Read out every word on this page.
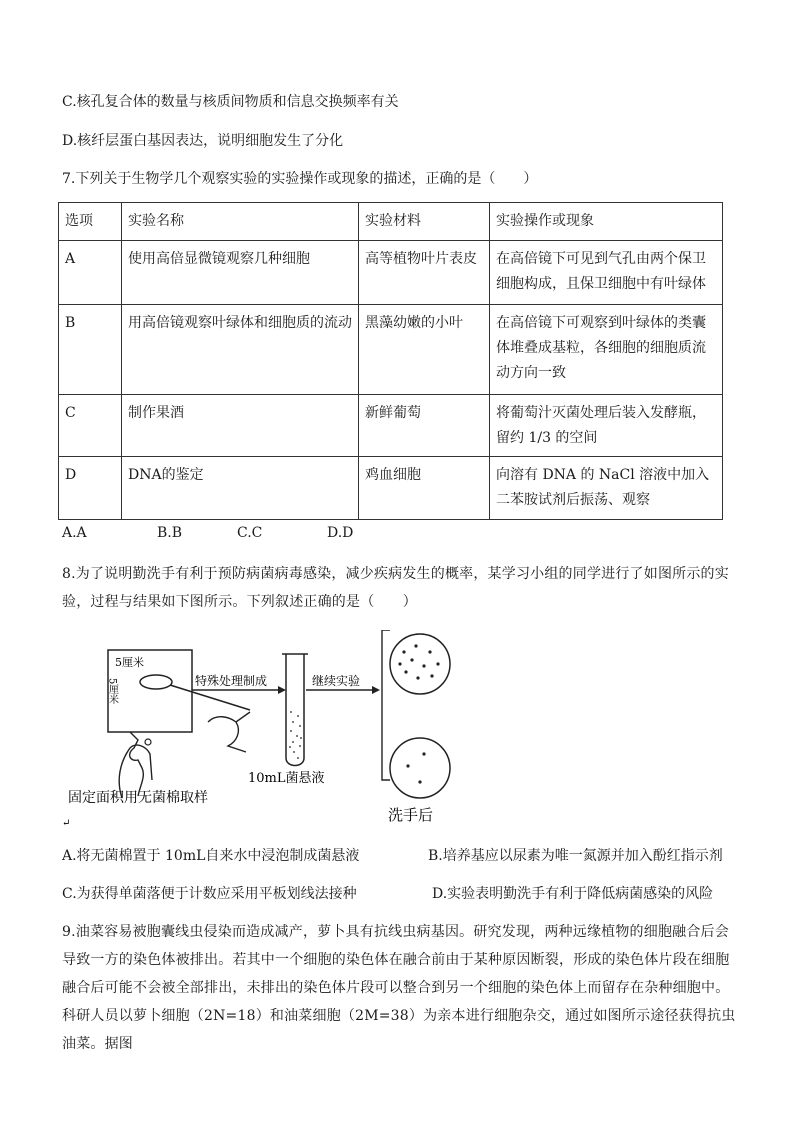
C.核孔复合体的数量与核质间物质和信息交换频率有关
D.核纤层蛋白基因表达，说明细胞发生了分化
7.下列关于生物学几个观察实验的实验操作或现象的描述，正确的是（　　）
选项	实验名称	实验材料	实验操作或现象
A	使用高倍显微镜观察几种细胞	高等植物叶片表皮	在高倍镜下可见到气孔由两个保卫细胞构成，且保卫细胞中有叶绿体
B	用高倍镜观察叶绿体和细胞质的流动	黑藻幼嫩的小叶	在高倍镜下可观察到叶绿体的类囊体堆叠成基粒，各细胞的细胞质流动方向一致
C	制作果酒	新鲜葡萄	将葡萄汁灭菌处理后装入发酵瓶，留约 1/3 的空间
D	DNA的鉴定	鸡血细胞	向溶有 DNA 的 NaCl 溶液中加入二苯胺试剂后振荡、观察
A.A	B.B	C.C	D.D
8.为了说明勤洗手有利于预防病菌病毒感染，减少疾病发生的概率，某学习小组的同学进行了如图所示的实验，过程与结果如下图所示。下列叙述正确的是（　　）
5厘米
5厘米	特殊处理制成
10mL菌悬液
继续实验
洗手后
固定面积用无菌棉取样
↵
A.将无菌棉置于 10mL自来水中浸泡制成菌悬液	B.培养基应以尿素为唯一氮源并加入酚红指示剂
C.为获得单菌落便于计数应采用平板划线法接种	D.实验表明勤洗手有利于降低病菌感染的风险
9.油菜容易被胞囊线虫侵染而造成减产，萝卜具有抗线虫病基因。研究发现，两种远缘植物的细胞融合后会导致一方的染色体被排出。若其中一个细胞的染色体在融合前由于某种原因断裂，形成的染色体片段在细胞融合后可能不会被全部排出，未排出的染色体片段可以整合到另一个细胞的染色体上而留存在杂种细胞中。科研人员以萝卜细胞（2N=18）和油菜细胞（2M=38）为亲本进行细胞杂交，通过如图所示途径获得抗虫油菜。据图
